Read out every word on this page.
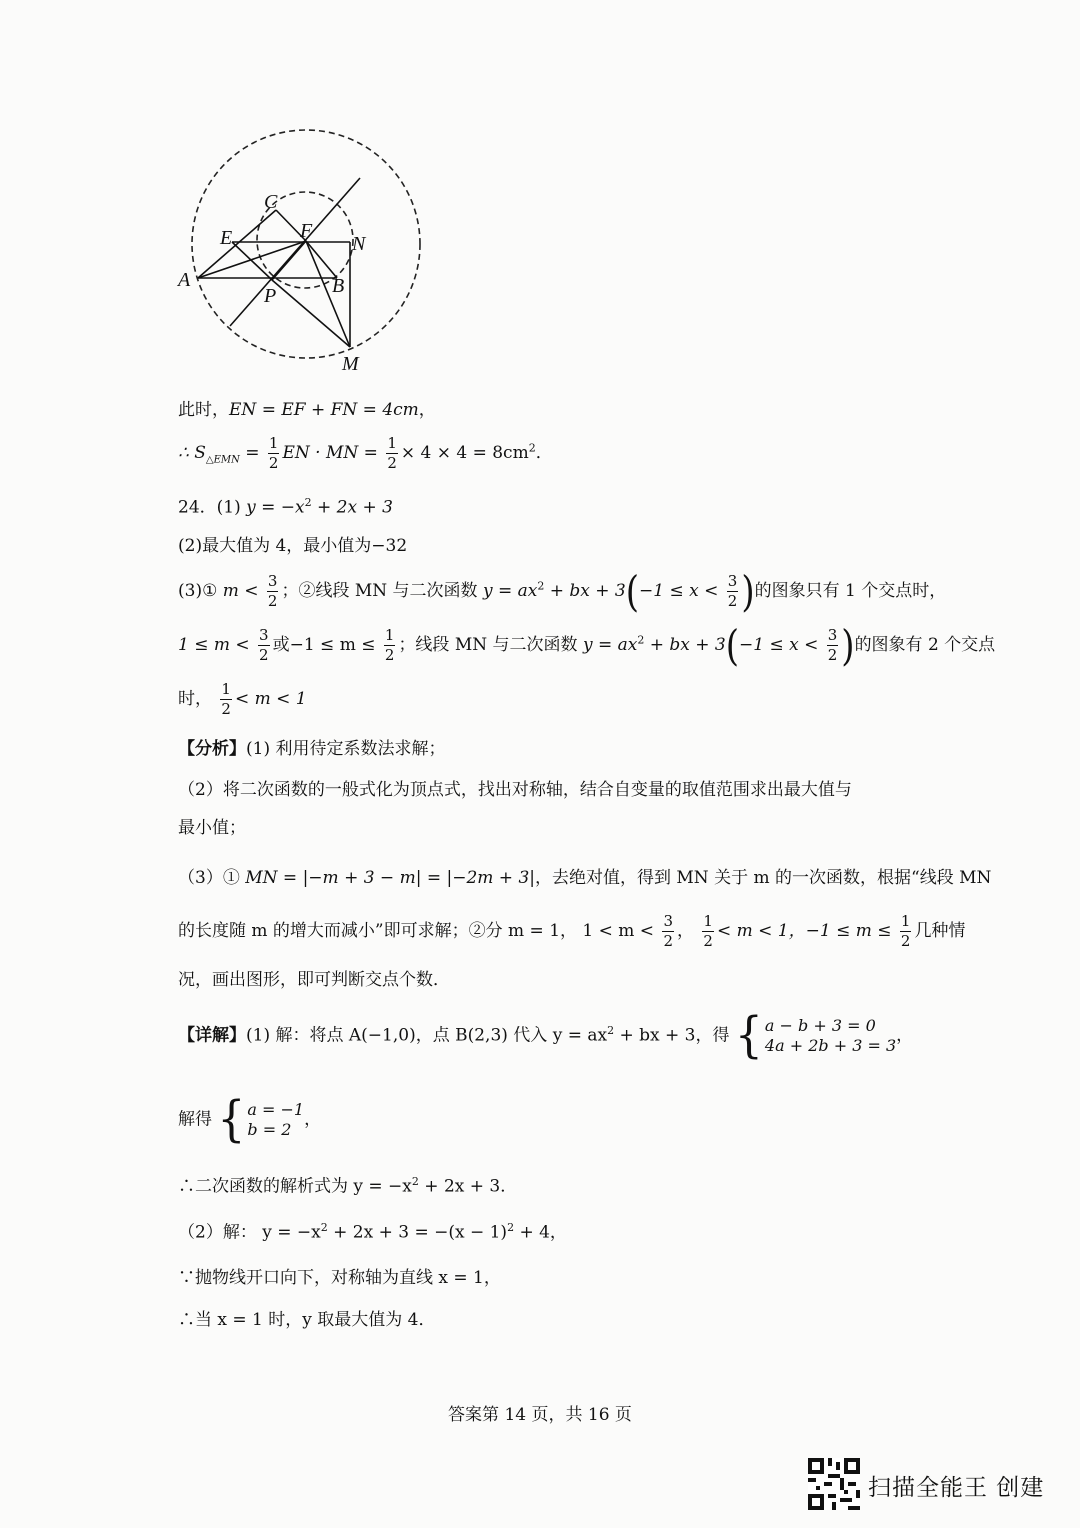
C
E	F
N
A
P	B
M
此时，EN = EF + FN = 4cm，
∴ $S_{\triangle EMN} = \frac{1}{2}$ EN · MN = $\frac{1}{2} \times 4 \times 4 = 8cm^2$．
24．(1) $y = -x^2 + 2x + 3$
(2)最大值为 4，最小值为−32
(3)① $m < \frac{3}{2}$ ；②线段 MN 与二次函数 $y = ax^2$ + bx + $3(-1 \le x < \frac{3}{2}$ )的图象只有 1 个交点时，
$1 \le m < \frac{3}{2}$ 或$-1 \le m \le \frac{1}{2}$ ；线段 MN 与二次函数 $y = ax^2$ + bx + $3(-1 \le x < \frac{3}{2}$ )的图象有 2 个交点
时， $\frac{1}{2} < m < 1$
【分析】(1) 利用待定系数法求解；
（2）将二次函数的一般式化为顶点式，找出对称轴，结合自变量的取值范围求出最大值与
最小值；
（3）① MN = |−m + 3 − m| = |−2m + 3|，去绝对值，得到 MN 关于 m 的一次函数，根据“线段 MN
的长度随 m 的增大而减小”即可求解；②分 m = 1， $1 < m < \frac{3}{2}$ ， $\frac{1}{2} < m < 1$，$-1 \le m \le \frac{1}{2}$ 几种情
况，画出图形，即可判断交点个数．
【详解】(1) 解：将点 A(−1,0)，点 B(2,3) 代入 $y = ax^2$ + bx + 3，得 { a − b + 3 = 0
4a + 2b + 3 = 3 ，
解得 { a = −1
b = 2 ，
∴二次函数的解析式为 $y = -x^2 + 2x + 3$．
（2）解： $y = -x^2 + 2x + 3 = -(x - 1)^2 + 4$，
∵抛物线开口向下，对称轴为直线 x = 1，
∴当 x = 1 时，y 取最大值为 4．
答案第 14 页，共 16 页
扫描全能王 创建
